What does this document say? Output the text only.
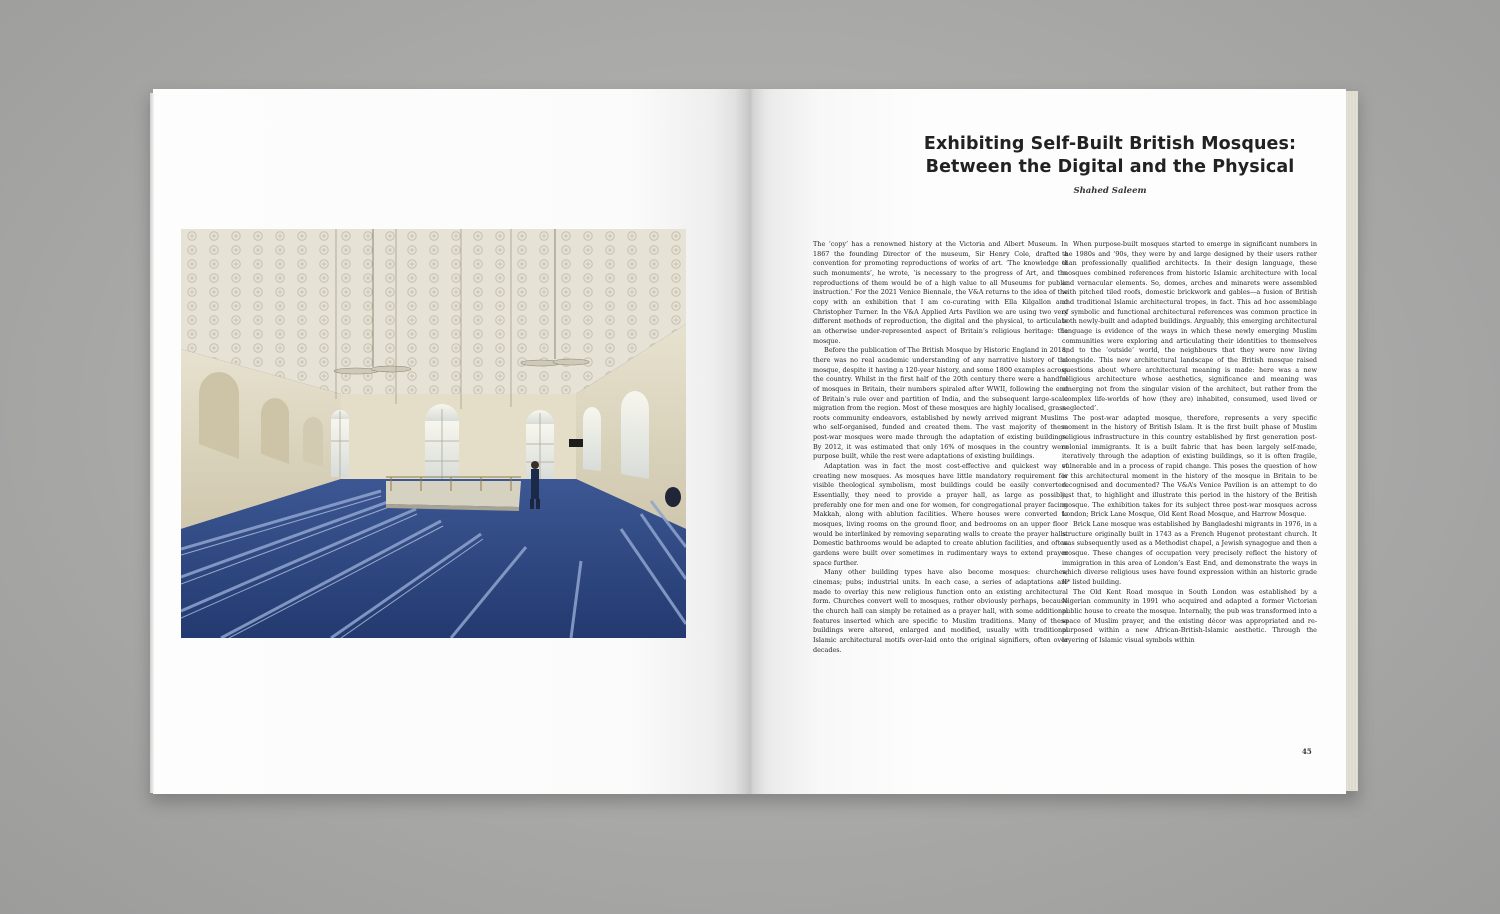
Exhibiting Self-Built British Mosques:
Between the Digital and the Physical
Shahed Saleem

The ‘copy’ has a renowned history at the Victoria and Albert Museum. In 1867 the founding Director of the museum, Sir Henry Cole, drafted a convention for promoting reproductions of works of art. ‘The knowledge of such monuments’, he wrote, ‘is necessary to the progress of Art, and the reproductions of them would be of a high value to all Museums for public instruction.’ For the 2021 Venice Biennale, the V&A returns to the idea of the copy with an exhibition that I am co-curating with Ella Kilgallon and Christopher Turner. In the V&A Applied Arts Pavilion we are using two very different methods of reproduction, the digital and the physical, to articulate an otherwise under-represented aspect of Britain’s religious heritage: the mosque.

Before the publication of The British Mosque by Historic England in 2018, there was no real academic understanding of any narrative history of the mosque, despite it having a 120-year history, and some 1800 examples across the country. Whilst in the first half of the 20th century there were a handful of mosques in Britain, their numbers spiraled after WWII, following the end of Britain’s rule over and partition of India, and the subsequent large-scale migration from the region. Most of these mosques are highly localised, grass-roots community endeavors, established by newly arrived migrant Muslims who self-organised, funded and created them. The vast majority of these post-war mosques were made through the adaptation of existing buildings. By 2012, it was estimated that only 16% of mosques in the country were purpose built, while the rest were adaptations of existing buildings.

Adaptation was in fact the most cost-effective and quickest way of creating new mosques. As mosques have little mandatory requirement for visible theological symbolism, most buildings could be easily converted. Essentially, they need to provide a prayer hall, as large as possible, preferably one for men and one for women, for congregational prayer facing Makkah, along with ablution facilities. Where houses were converted to mosques, living rooms on the ground floor, and bedrooms on an upper floor would be interlinked by removing separating walls to create the prayer halls. Domestic bathrooms would be adapted to create ablution facilities, and often gardens were built over sometimes in rudimentary ways to extend prayer space further.

Many other building types have also become mosques: churches; cinemas; pubs; industrial units. In each case, a series of adaptations are made to overlay this new religious function onto an existing architectural form. Churches convert well to mosques, rather obviously perhaps, because the church hall can simply be retained as a prayer hall, with some additional features inserted which are specific to Muslim traditions. Many of these buildings were altered, enlarged and modified, usually with traditional Islamic architectural motifs over-laid onto the original signifiers, often over decades.

When purpose-built mosques started to emerge in significant numbers in the 1980s and ‘90s, they were by and large designed by their users rather than professionally qualified architects. In their design language, these mosques combined references from historic Islamic architecture with local and vernacular elements. So, domes, arches and minarets were assembled with pitched tiled roofs, domestic brickwork and gables—a fusion of British and traditional Islamic architectural tropes, in fact. This ad hoc assemblage of symbolic and functional architectural references was common practice in both newly-built and adapted buildings. Arguably, this emerging architectural language is evidence of the ways in which these newly emerging Muslim communities were exploring and articulating their identities to themselves and to the ‘outside’ world, the neighbours that they were now living alongside. This new architectural landscape of the British mosque raised questions about where architectural meaning is made: here was a new religious architecture whose aesthetics, significance and meaning was emerging not from the singular vision of the architect, but rather from the ‘complex life-worlds of how (they are) inhabited, consumed, used lived or neglected’.

The post-war adapted mosque, therefore, represents a very specific moment in the history of British Islam. It is the first built phase of Muslim religious infrastructure in this country established by first generation post-colonial immigrants. It is a built fabric that has been largely self-made, iteratively through the adaption of existing buildings, so it is often fragile, vulnerable and in a process of rapid change. This poses the question of how is this architectural moment in the history of the mosque in Britain to be recognised and documented? The V&A’s Venice Pavilion is an attempt to do just that, to highlight and illustrate this period in the history of the British mosque. The exhibition takes for its subject three post-war mosques across London; Brick Lane Mosque, Old Kent Road Mosque, and Harrow Mosque.

Brick Lane mosque was established by Bangladeshi migrants in 1976, in a structure originally built in 1743 as a French Hugenot protestant church. It was subsequently used as a Methodist chapel, a Jewish synagogue and then a mosque. These changes of occupation very precisely reflect the history of immigration in this area of London’s East End, and demonstrate the ways in which diverse religious uses have found expression within an historic grade II* listed building.

The Old Kent Road mosque in South London was established by a Nigerian community in 1991 who acquired and adapted a former Victorian public house to create the mosque. Internally, the pub was transformed into a space of Muslim prayer, and the existing décor was appropriated and re-purposed within a new African-British-Islamic aesthetic. Through the layering of Islamic visual symbols within

45
